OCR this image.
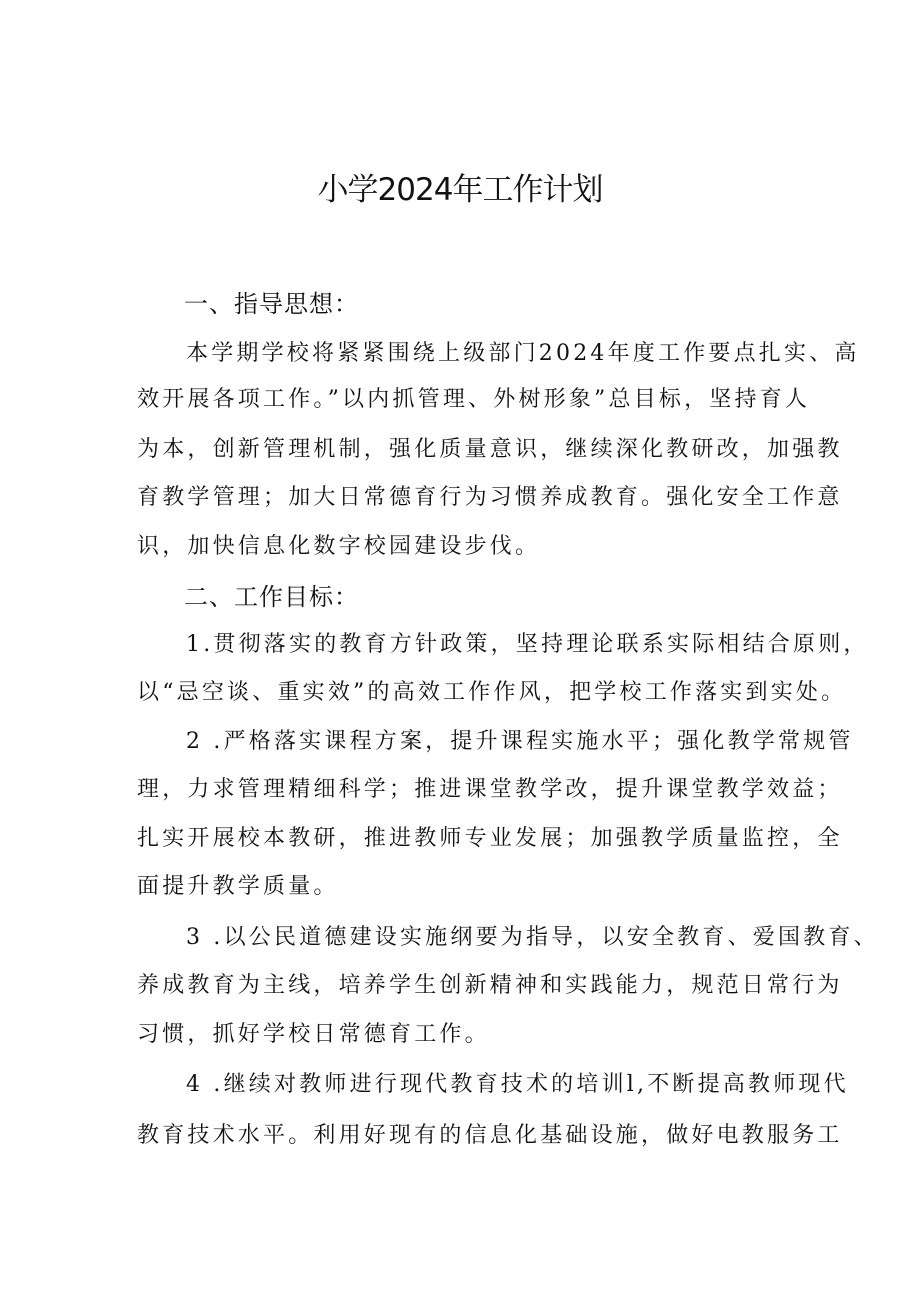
小学2024年工作计划
一、指导思想：
本学期学校将紧紧围绕上级部门2024年度工作要点扎实、高
效开展各项工作。”以内抓管理、外树形象”总目标，坚持育人
为本，创新管理机制，强化质量意识，继续深化教研改，加强教
育教学管理；加大日常德育行为习惯养成教育。强化安全工作意
识，加快信息化数字校园建设步伐。
二、工作目标：
1.贯彻落实的教育方针政策，坚持理论联系实际相结合原则，
以“忌空谈、重实效”的高效工作作风，把学校工作落实到实处。
2 .严格落实课程方案，提升课程实施水平；强化教学常规管
理，力求管理精细科学；推进课堂教学改，提升课堂教学效益；
扎实开展校本教研，推进教师专业发展；加强教学质量监控，全
面提升教学质量。
3 .以公民道德建设实施纲要为指导，以安全教育、爱国教育、
养成教育为主线，培养学生创新精神和实践能力，规范日常行为
习惯，抓好学校日常德育工作。
4 .继续对教师进行现代教育技术的培训l,不断提高教师现代
教育技术水平。利用好现有的信息化基础设施，做好电教服务工
